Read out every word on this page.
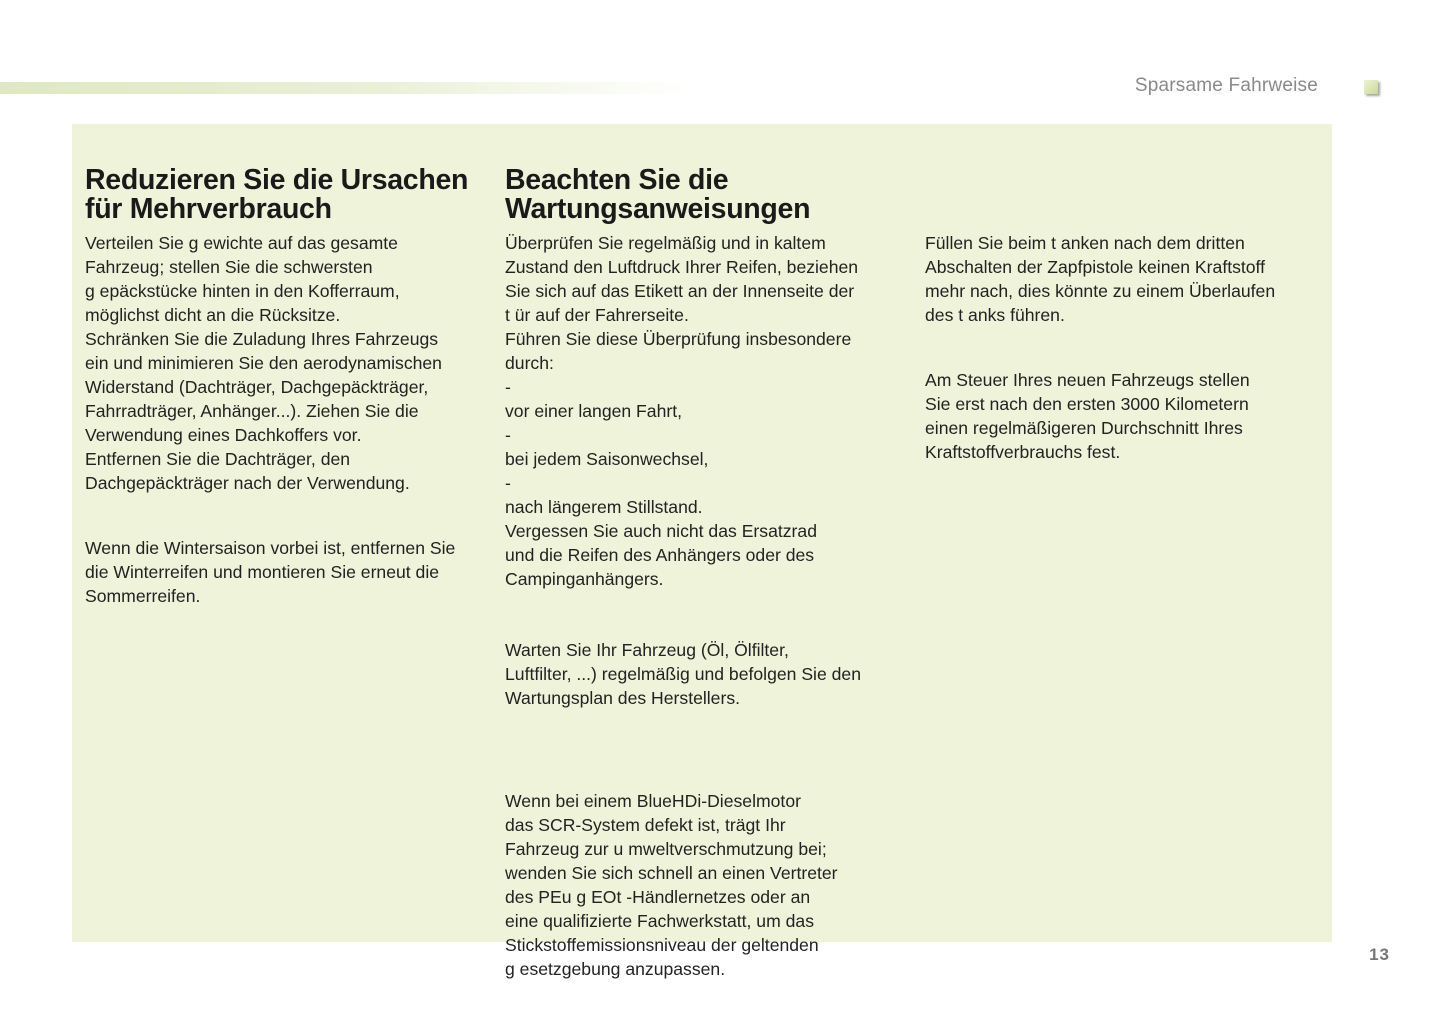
Sparsame Fahrweise
Reduzieren Sie die Ursachen
für Mehrverbrauch

Verteilen Sie g ewichte auf das gesamte
Fahrzeug; stellen Sie die schwersten
g epäckstücke hinten in den Kofferraum,
möglichst dicht an die Rücksitze.
Schränken Sie die Zuladung Ihres Fahrzeugs
ein und minimieren Sie den aerodynamischen
Widerstand (Dachträger, Dachgepäckträger,
Fahrradträger, Anhänger...). Ziehen Sie die
Verwendung eines Dachkoffers vor.
Entfernen Sie die Dachträger, den
Dachgepäckträger nach der Verwendung.

Wenn die Wintersaison vorbei ist, entfernen Sie
die Winterreifen und montieren Sie erneut die
Sommerreifen.

Beachten Sie die
Wartungsanweisungen

Überprüfen Sie regelmäßig und in kaltem
Zustand den Luftdruck Ihrer Reifen, beziehen
Sie sich auf das Etikett an der Innenseite der
t ür auf der Fahrerseite.
Führen Sie diese Überprüfung insbesondere
durch:
-
vor einer langen Fahrt,
-
bei jedem Saisonwechsel,
-
nach längerem Stillstand.
Vergessen Sie auch nicht das Ersatzrad
und die Reifen des Anhängers oder des
Campinganhängers.

Warten Sie Ihr Fahrzeug (Öl, Ölfilter,
Luftfilter, ...) regelmäßig und befolgen Sie den
Wartungsplan des Herstellers.

Wenn bei einem BlueHDi-Dieselmotor
das SCR-System defekt ist, trägt Ihr
Fahrzeug zur u mweltverschmutzung bei;
wenden Sie sich schnell an einen Vertreter
des PEu g EOt -Händlernetzes oder an
eine qualifizierte Fachwerkstatt, um das
Stickstoffemissionsniveau der geltenden
g esetzgebung anzupassen.

Füllen Sie beim t anken nach dem dritten
Abschalten der Zapfpistole keinen Kraftstoff
mehr nach, dies könnte zu einem Überlaufen
des t anks führen.

Am Steuer Ihres neuen Fahrzeugs stellen
Sie erst nach den ersten 3000 Kilometern
einen regelmäßigeren Durchschnitt Ihres
Kraftstoffverbrauchs fest.

13
